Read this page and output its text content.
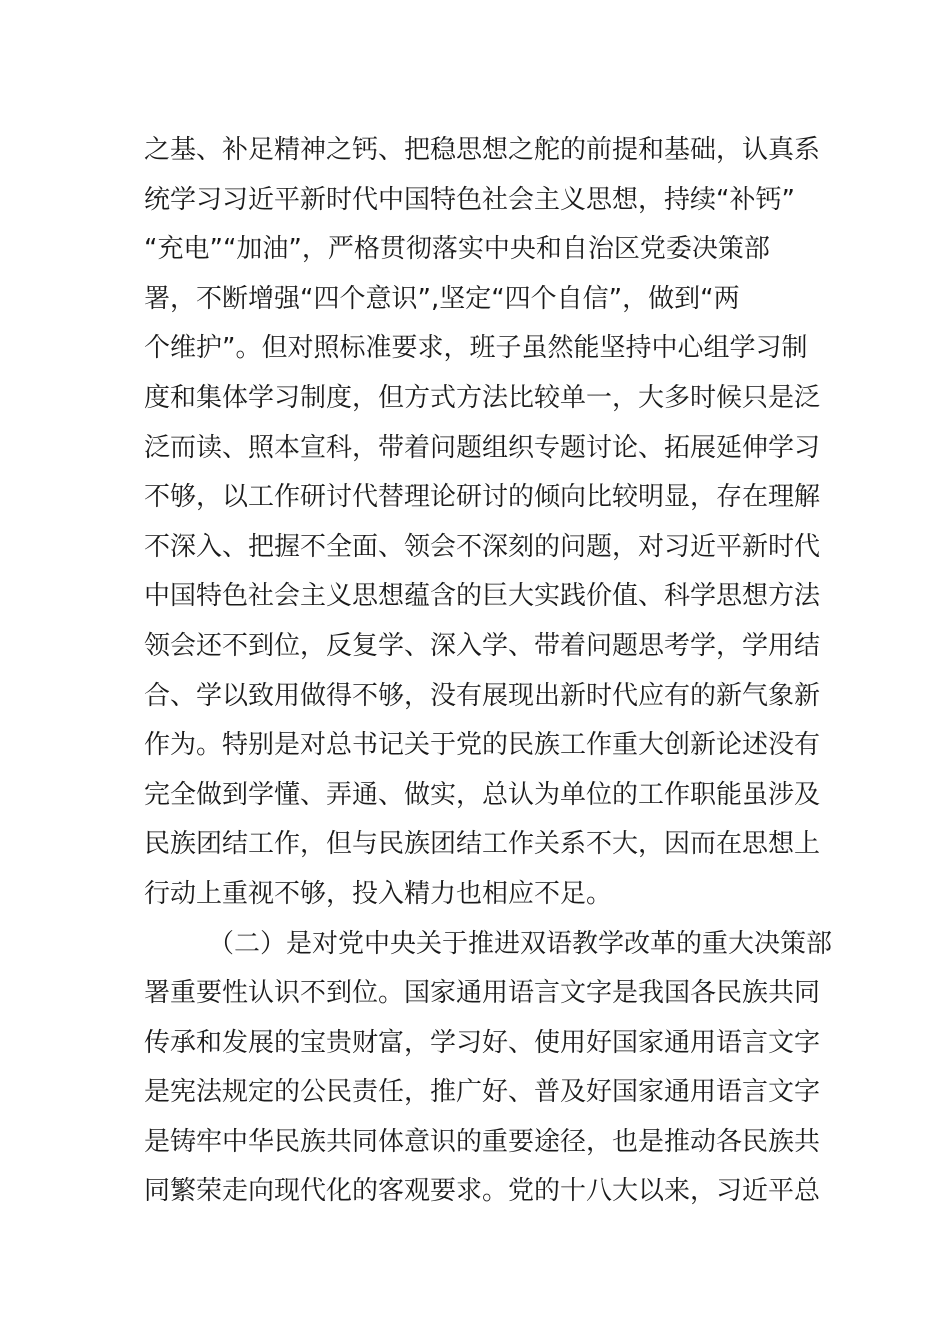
之基、补足精神之钙、把稳思想之舵的前提和基础，认真系
统学习习近平新时代中国特色社会主义思想，持续“补钙”
“充电”“加油”，严格贯彻落实中央和自治区党委决策部
署，不断增强“四个意识”,坚定“四个自信”，做到“两
个维护”。但对照标准要求，班子虽然能坚持中心组学习制
度和集体学习制度，但方式方法比较单一，大多时候只是泛
泛而读、照本宣科，带着问题组织专题讨论、拓展延伸学习
不够，以工作研讨代替理论研讨的倾向比较明显，存在理解
不深入、把握不全面、领会不深刻的问题，对习近平新时代
中国特色社会主义思想蕴含的巨大实践价值、科学思想方法
领会还不到位，反复学、深入学、带着问题思考学，学用结
合、学以致用做得不够，没有展现出新时代应有的新气象新
作为。特别是对总书记关于党的民族工作重大创新论述没有
完全做到学懂、弄通、做实，总认为单位的工作职能虽涉及
民族团结工作，但与民族团结工作关系不大，因而在思想上
行动上重视不够，投入精力也相应不足。
（二）是对党中央关于推进双语教学改革的重大决策部
署重要性认识不到位。国家通用语言文字是我国各民族共同
传承和发展的宝贵财富，学习好、使用好国家通用语言文字
是宪法规定的公民责任，推广好、普及好国家通用语言文字
是铸牢中华民族共同体意识的重要途径，也是推动各民族共
同繁荣走向现代化的客观要求。党的十八大以来，习近平总
